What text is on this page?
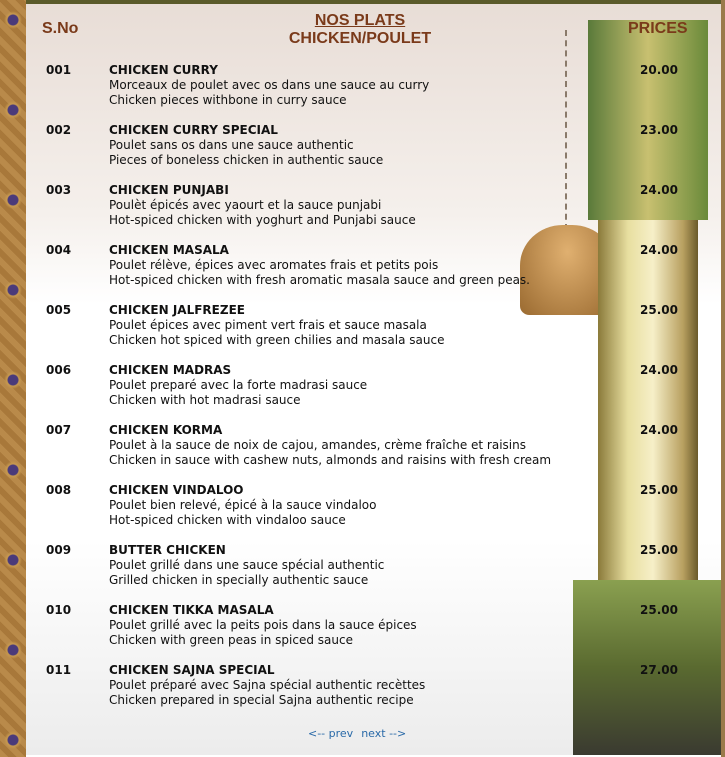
S.No	NOS PLATS
CHICKEN/POULET
PRICES
001	CHICKEN CURRY
Morceaux de poulet avec os dans une sauce au curry
Chicken pieces withbone in curry sauce
20.00
002	CHICKEN CURRY SPECIAL
Poulet sans os dans une sauce authentic
Pieces of boneless chicken in authentic sauce
23.00
003	CHICKEN PUNJABI
Poulèt épicés avec yaourt et la sauce punjabi
Hot-spiced chicken with yoghurt and Punjabi sauce
24.00
004	CHICKEN MASALA
Poulet rélève, épices avec aromates frais et petits pois
Hot-spiced chicken with fresh aromatic masala sauce and green peas.
24.00
005	CHICKEN JALFREZEE
Poulet épices avec piment vert frais et sauce masala
Chicken hot spiced with green chilies and masala sauce
25.00
006	CHICKEN MADRAS
Poulet preparé avec la forte madrasi sauce
Chicken with hot madrasi sauce
24.00
007	CHICKEN KORMA
Poulet à la sauce de noix de cajou, amandes, crème fraîche et raisins
Chicken in sauce with cashew nuts, almonds and raisins with fresh cream
24.00
008	CHICKEN VINDALOO
Poulet bien relevé, épicé à la sauce vindaloo
Hot-spiced chicken with vindaloo sauce
25.00
009	BUTTER CHICKEN
Poulet grillé dans une sauce spécial authentic
Grilled chicken in specially authentic sauce
25.00
010	CHICKEN TIKKA MASALA
Poulet grillé avec la peits pois dans la sauce épices
Chicken with green peas in spiced sauce
25.00
011	CHICKEN SAJNA SPECIAL
Poulet préparé avec Sajna spécial authentic recèttes
Chicken prepared in special Sajna authentic recipe
27.00
<-- prev next -->
